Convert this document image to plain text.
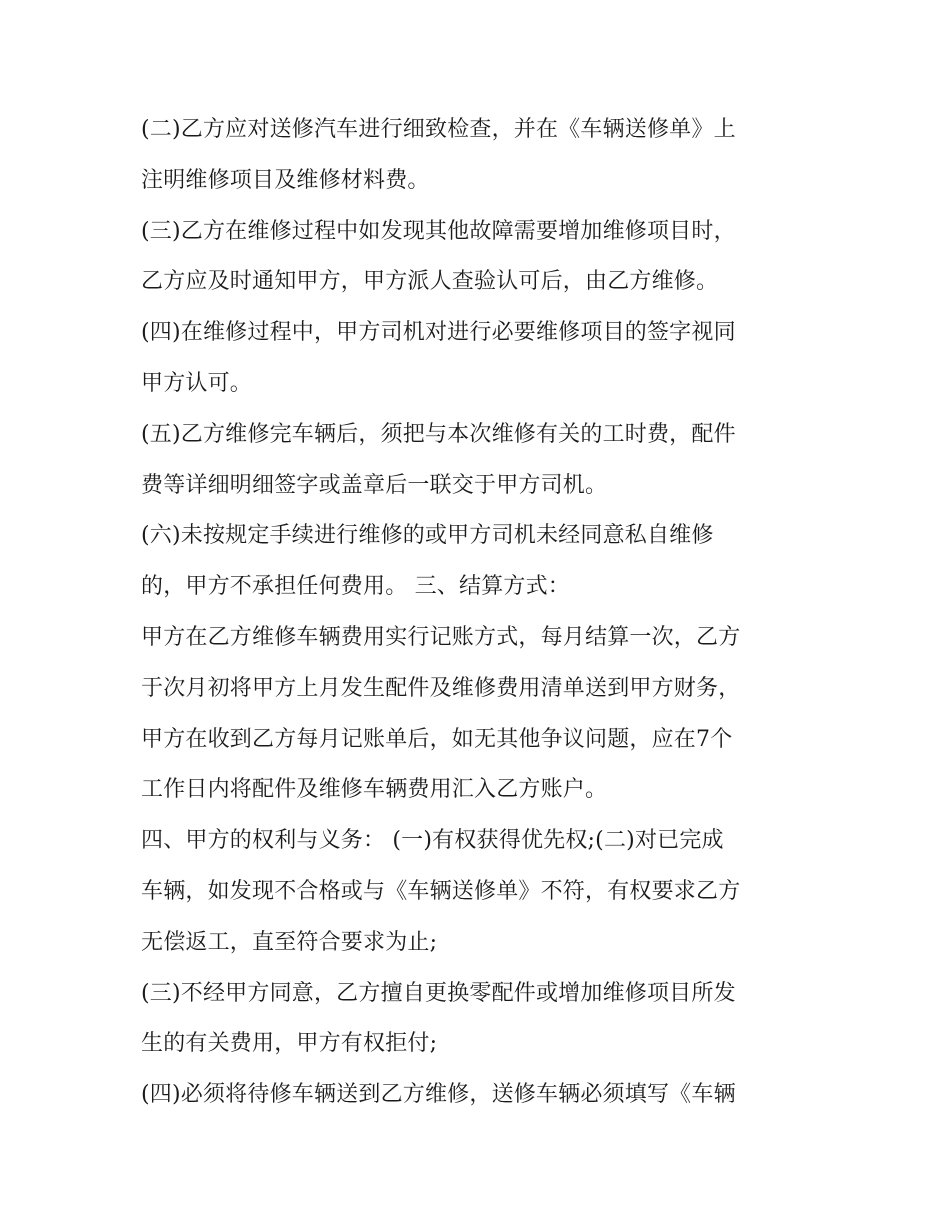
(二)乙方应对送修汽车进行细致检查，并在《车辆送修单》上
注明维修项目及维修材料费。
(三)乙方在维修过程中如发现其他故障需要增加维修项目时，
乙方应及时通知甲方，甲方派人查验认可后，由乙方维修。
(四)在维修过程中，甲方司机对进行必要维修项目的签字视同
甲方认可。
(五)乙方维修完车辆后，须把与本次维修有关的工时费，配件
费等详细明细签字或盖章后一联交于甲方司机。
(六)未按规定手续进行维修的或甲方司机未经同意私自维修
的，甲方不承担任何费用。 三、结算方式：
甲方在乙方维修车辆费用实行记账方式，每月结算一次，乙方
于次月初将甲方上月发生配件及维修费用清单送到甲方财务，
甲方在收到乙方每月记账单后，如无其他争议问题，应在7个
工作日内将配件及维修车辆费用汇入乙方账户。
四、甲方的权利与义务： (一)有权获得优先权;(二)对已完成
车辆，如发现不合格或与《车辆送修单》不符，有权要求乙方
无偿返工，直至符合要求为止;
(三)不经甲方同意，乙方擅自更换零配件或增加维修项目所发
生的有关费用，甲方有权拒付;
(四)必须将待修车辆送到乙方维修，送修车辆必须填写《车辆
